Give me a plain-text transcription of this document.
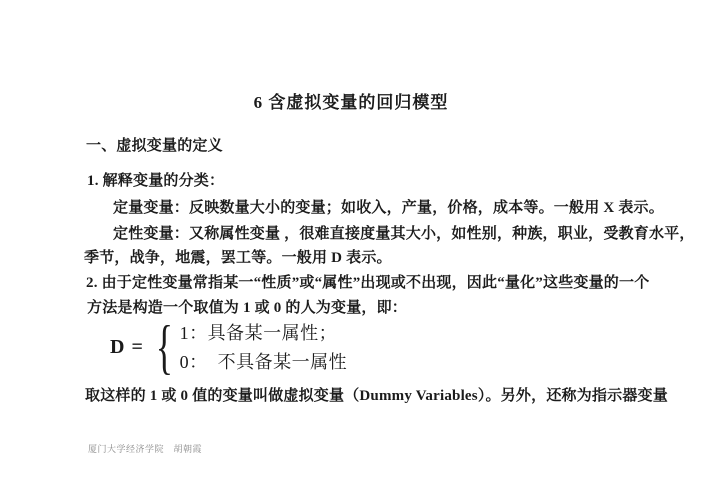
6 含虚拟变量的回归模型
一、虚拟变量的定义
1. 解释变量的分类：
定量变量：反映数量大小的变量；如收入，产量，价格，成本等。一般用 X 表示。
定性变量：又称属性变量 ，很难直接度量其大小，如性别，种族，职业，受教育水平，
季节，战争，地震，罢工等。一般用 D 表示。
2. 由于定性变量常指某一“性质”或“属性”出现或不出现，因此“量化”这些变量的一个
方法是构造一个取值为 1 或 0 的人为变量，即：
D = { 1：具备某一属性；
0：  不具备某一属性
取这样的 1 或 0 值的变量叫做虚拟变量（Dummy Variables）。另外，还称为指示器变量
厦门大学经济学院　胡朝霞
